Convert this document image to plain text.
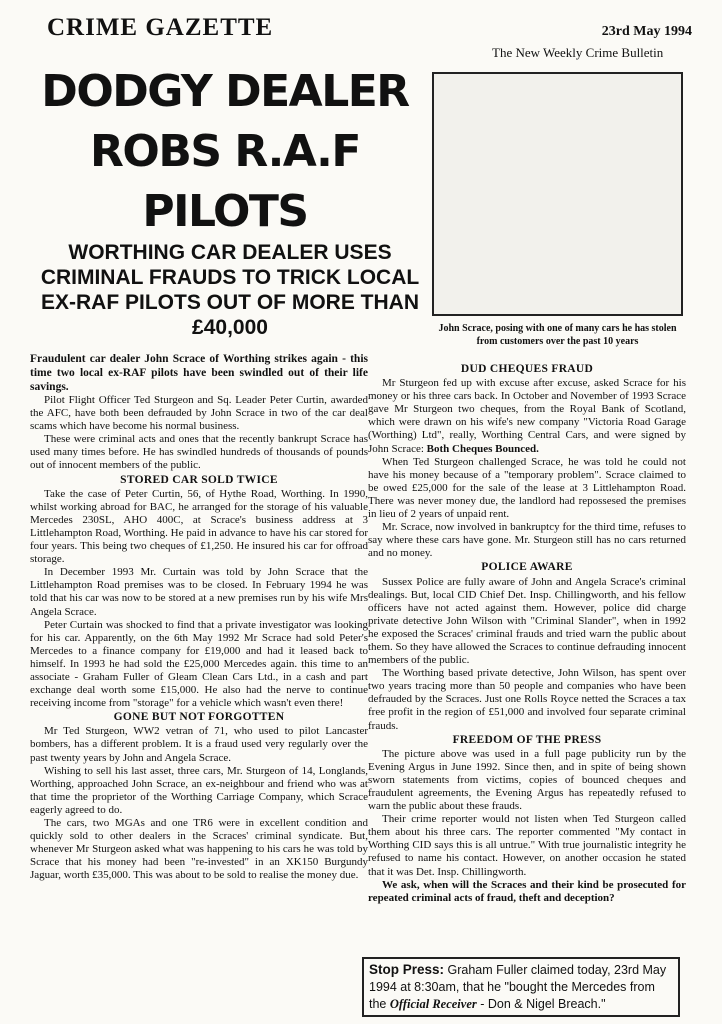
CRIME GAZETTE	23rd May 1994
The New Weekly Crime Bulletin
DODGY DEALER ROBS R.A.F PILOTS
WORTHING CAR DEALER USES CRIMINAL FRAUDS TO TRICK LOCAL EX-RAF PILOTS OUT OF MORE THAN £40,000	John Scrace, posing with one of many cars he has stolen from customers over the past 10 years

Fraudulent car dealer John Scrace of Worthing strikes again - this time two local ex-RAF pilots have been swindled out of their life savings.

Pilot Flight Officer Ted Sturgeon and Sq. Leader Peter Curtin, awarded the AFC, have both been defrauded by John Scrace in two of the car deal scams which have become his normal business.

These were criminal acts and ones that the recently bankrupt Scrace has used many times before. He has swindled hundreds of thousands of pounds out of innocent members of the public.

STORED CAR SOLD TWICE

Take the case of Peter Curtin, 56, of Hythe Road, Worthing. In 1990, whilst working abroad for BAC, he arranged for the storage of his valuable Mercedes 230SL, AHO 400C, at Scrace's business address at 3 Littlehampton Road, Worthing. He paid in advance to have his car stored for four years. This being two cheques of £1,250. He insured his car for offroad storage.

In December 1993 Mr. Curtain was told by John Scrace that the Littlehampton Road premises was to be closed. In February 1994 he was told that his car was now to be stored at a new premises run by his wife Mrs Angela Scrace.

Peter Curtain was shocked to find that a private investigator was looking for his car. Apparently, on the 6th May 1992 Mr Scrace had sold Peter's Mercedes to a finance company for £19,000 and had it leased back to himself. In 1993 he had sold the £25,000 Mercedes again. this time to an associate - Graham Fuller of Gleam Clean Cars Ltd., in a cash and part exchange deal worth some £15,000. He also had the nerve to continue receiving income from "storage" for a vehicle which wasn't even there!

GONE BUT NOT FORGOTTEN

Mr Ted Sturgeon, WW2 vetran of 71, who used to pilot Lancaster bombers, has a different problem. It is a fraud used very regularly over the past twenty years by John and Angela Scrace.

Wishing to sell his last asset, three cars, Mr. Sturgeon of 14, Longlands, Worthing, approached John Scrace, an ex-neighbour and friend who was at that time the proprietor of the Worthing Carriage Company, which Scrace eagerly agreed to do.

The cars, two MGAs and one TR6 were in excellent condition and quickly sold to other dealers in the Scraces' criminal syndicate. But, whenever Mr Sturgeon asked what was happening to his cars he was told by Scrace that his money had been "re-invested" in an XK150 Burgundy Jaguar, worth £35,000. This was about to be sold to realise the money due.

DUD CHEQUES FRAUD

Mr Sturgeon fed up with excuse after excuse, asked Scrace for his money or his three cars back. In October and November of 1993 Scrace gave Mr Sturgeon two cheques, from the Royal Bank of Scotland, which were drawn on his wife's new company "Victoria Road Garage (Worthing) Ltd", really, Worthing Central Cars, and were signed by John Scrace: Both Cheques Bounced.

When Ted Sturgeon challenged Scrace, he was told he could not have his money because of a "temporary problem". Scrace claimed to be owed £25,000 for the sale of the lease at 3 Littlehampton Road. There was never money due, the landlord had repossesed the premises in lieu of 2 years of unpaid rent.

Mr. Scrace, now involved in bankruptcy for the third time, refuses to say where these cars have gone. Mr. Sturgeon still has no cars returned and no money.

POLICE AWARE

Sussex Police are fully aware of John and Angela Scrace's criminal dealings. But, local CID Chief Det. Insp. Chillingworth, and his fellow officers have not acted against them. However, police did charge private detective John Wilson with "Criminal Slander", when in 1992 he exposed the Scraces' criminal frauds and tried warn the public about them. So they have allowed the Scraces to continue defrauding innocent members of the public.

The Worthing based private detective, John Wilson, has spent over two years tracing more than 50 people and companies who have been defrauded by the Scraces. Just one Rolls Royce netted the Scraces a tax free profit in the region of £51,000 and involved four separate criminal frauds.

FREEDOM OF THE PRESS

The picture above was used in a full page publicity run by the Evening Argus in June 1992. Since then, and in spite of being shown sworn statements from victims, copies of bounced cheques and fraudulent agreements, the Evening Argus has repeatedly refused to warn the public about these frauds.

Their crime reporter would not listen when Ted Sturgeon called them about his three cars. The reporter commented "My contact in Worthing CID says this is all untrue." With true journalistic integrity he refused to name his contact. However, on another occasion he stated that it was Det. Insp. Chillingworth.

We ask, when will the Scraces and their kind be prosecuted for repeated criminal acts of fraud, theft and deception?

Stop Press: Graham Fuller claimed today, 23rd May 1994 at 8:30am, that he "bought the Mercedes from the Official Receiver - Don & Nigel Breach."
